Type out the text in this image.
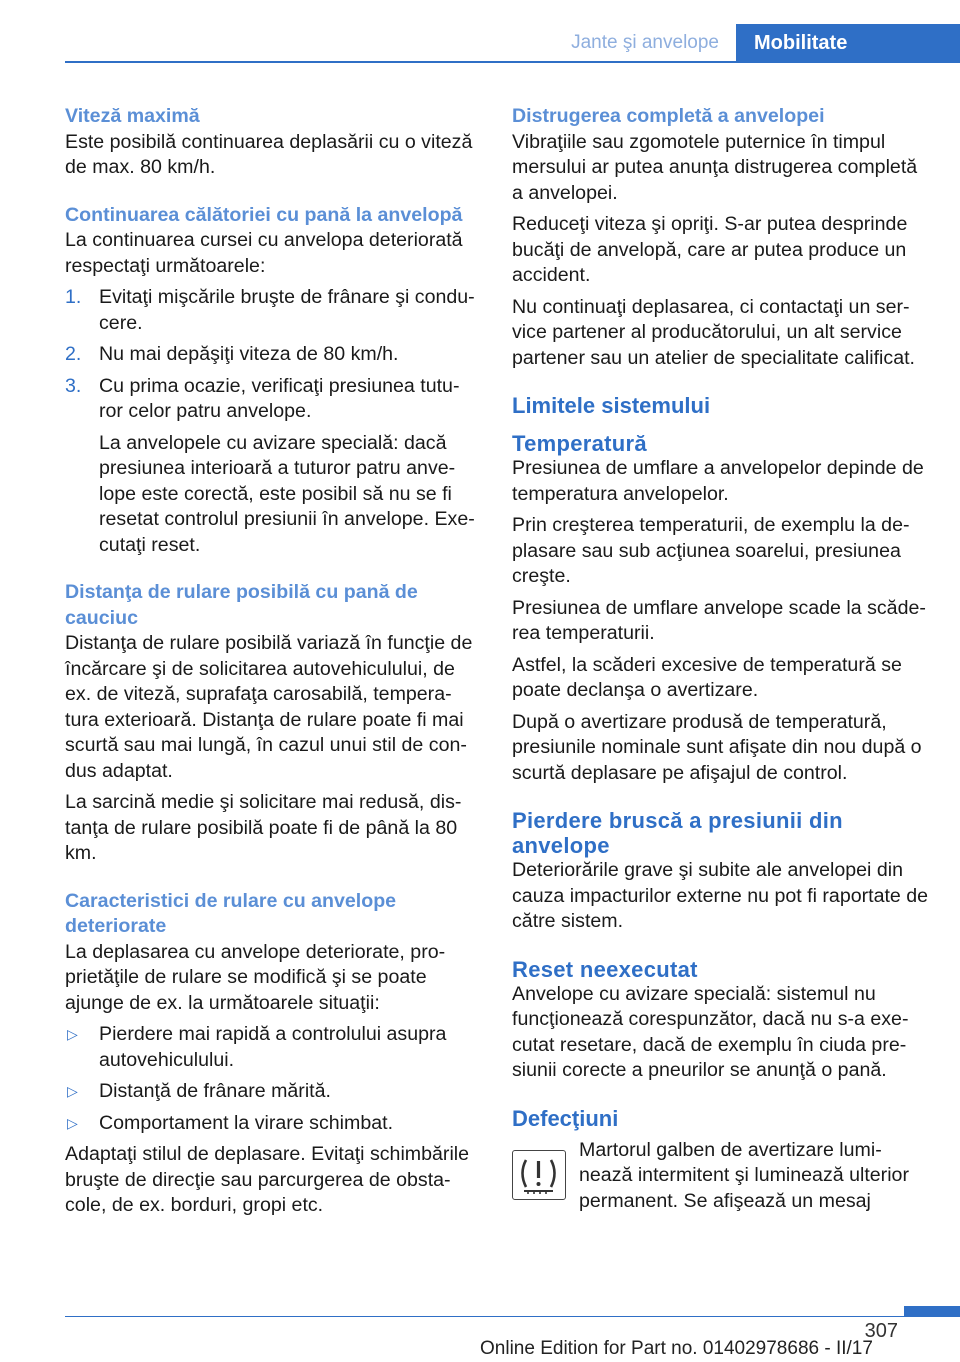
Jante şi anvelope	Mobilitate
Viteză maximă

Este posibilă continuarea deplasării cu o viteză de max. 80 km/h.

Continuarea călătoriei cu pană la anvelopă

La continuarea cursei cu anvelopa deteriorată respectaţi următoarele:

1. Evitaţi mişcările bruşte de frânare şi condu-cere.
2. Nu mai depăşiţi viteza de 80 km/h.
3. Cu prima ocazie, verificaţi presiunea tutu-ror celor patru anvelope.
La anvelopele cu avizare specială: dacă presiunea interioară a tuturor patru anve-lope este corectă, este posibil să nu se fi resetat controlul presiunii în anvelope. Exe-cutaţi reset.
Distanţa de rulare posibilă cu pană de cauciuc

Distanţa de rulare posibilă variază în funcţie de încărcare şi de solicitarea autovehiculului, de ex. de viteză, suprafaţa carosabilă, tempera-tura exterioară. Distanţa de rulare poate fi mai scurtă sau mai lungă, în cazul unui stil de con-dus adaptat.

La sarcină medie şi solicitare mai redusă, dis-tanţa de rulare posibilă poate fi de până la 80 km.

Caracteristici de rulare cu anvelope deteriorate

La deplasarea cu anvelope deteriorate, pro-prietăţile de rulare se modifică şi se poate ajunge de ex. la următoarele situaţii:

▷ Pierdere mai rapidă a controlului asupra autovehiculului.
▷ Distanţă de frânare mărită.
▷ Comportament la virare schimbat.

Adaptaţi stilul de deplasare. Evitaţi schimbările bruşte de direcţie sau parcurgerea de obsta-cole, de ex. borduri, gropi etc.

Distrugerea completă a anvelopei

Vibraţiile sau zgomotele puternice în timpul mersului ar putea anunţa distrugerea completă a anvelopei.

Reduceţi viteza şi opriţi. S-ar putea desprinde bucăţi de anvelopă, care ar putea produce un accident.

Nu continuaţi deplasarea, ci contactaţi un ser-vice partener al producătorului, un alt service partener sau un atelier de specialitate calificat.

Limitele sistemului
Temperatură

Presiunea de umflare a anvelopelor depinde de temperatura anvelopelor.

Prin creşterea temperaturii, de exemplu la de-plasare sau sub acţiunea soarelui, presiunea creşte.

Presiunea de umflare anvelope scade la scăde-rea temperaturii.

Astfel, la scăderi excesive de temperatură se poate declanşa o avertizare.

După o avertizare produsă de temperatură, presiunile nominale sunt afişate din nou după o scurtă deplasare pe afişajul de control.

Pierdere bruscă a presiunii din anvelope

Deteriorările grave şi subite ale anvelopei din cauza impacturilor externe nu pot fi raportate de către sistem.

Reset neexecutat

Anvelope cu avizare specială: sistemul nu funcţionează corespunzător, dacă nu s-a exe-cutat resetare, dacă de exemplu în ciuda pre-siunii corecte a pneurilor se anunţă o pană.

Defecţiuni

Martorul galben de avertizare lumi-nează intermitent şi luminează ulterior permanent. Se afişează un mesaj

307
Online Edition for Part no. 01402978686 - II/17
